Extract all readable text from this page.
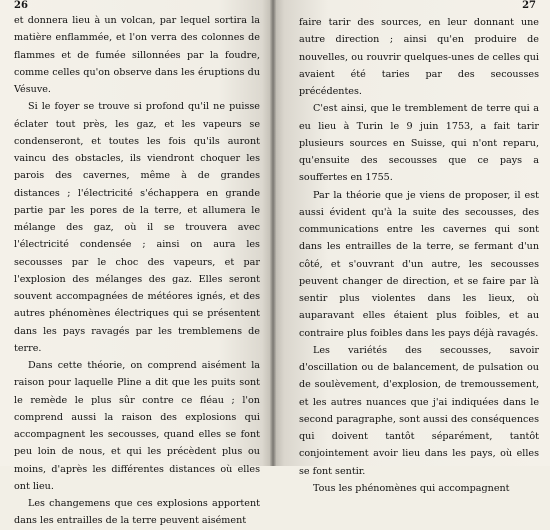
26

et donnera lieu à un volcan, par lequel sortira la matière enflammée, et l'on verra des colonnes de flammes et de fumée sillonnées par la foudre, comme celles qu'on observe dans les éruptions du Vésuve.

Si le foyer se trouve si profond qu'il ne puisse éclater tout près, les gaz, et les vapeurs se condenseront, et toutes les fois qu'ils auront vaincu des obstacles, ils viendront choquer les parois des cavernes, même à de grandes distances ; l'électricité s'échappera en grande partie par les pores de la terre, et allumera le mélange des gaz, où il se trouvera avec l'électricité condensée ; ainsi on aura les secousses par le choc des vapeurs, et par l'explosion des mélanges des gaz. Elles seront souvent accompagnées de météores ignés, et des autres phénomènes électriques qui se présentent dans les pays ravagés par les tremblemens de terre.

Dans cette théorie, on comprend aisément la raison pour laquelle Pline a dit que les puits sont le remède le plus sûr contre ce fléau ; l'on comprend aussi la raison des explosions qui accompagnent les secousses, quand elles se font peu loin de nous, et qui les précèdent plus ou moins, d'après les différentes distances où elles ont lieu.

Les changemens que ces explosions apportent dans les entrailles de la terre peuvent aisément

27

faire tarir des sources, en leur donnant une autre direction ; ainsi qu'en produire de nouvelles, ou rouvrir quelques-unes de celles qui avaient été taries par des secousses précédentes.

C'est ainsi, que le tremblement de terre qui a eu lieu à Turin le 9 juin 1753, a fait tarir plusieurs sources en Suisse, qui n'ont reparu, qu'ensuite des secousses que ce pays a souffertes en 1755.

Par la théorie que je viens de proposer, il est aussi évident qu'à la suite des secousses, des communications entre les cavernes qui sont dans les entrailles de la terre, se fermant d'un côté, et s'ouvrant d'un autre, les secousses peuvent changer de direction, et se faire par là sentir plus violentes dans les lieux, où auparavant elles étaient plus foibles, et au contraire plus foibles dans les pays déjà ravagés.

Les variétés des secousses, savoir d'oscillation ou de balancement, de pulsation ou de soulèvement, d'explosion, de tremoussement, et les autres nuances que j'ai indiquées dans le second paragraphe, sont aussi des conséquences qui doivent tantôt séparément, tantôt conjointement avoir lieu dans les pays, où elles se font sentir.

Tous les phénomènes qui accompagnent
